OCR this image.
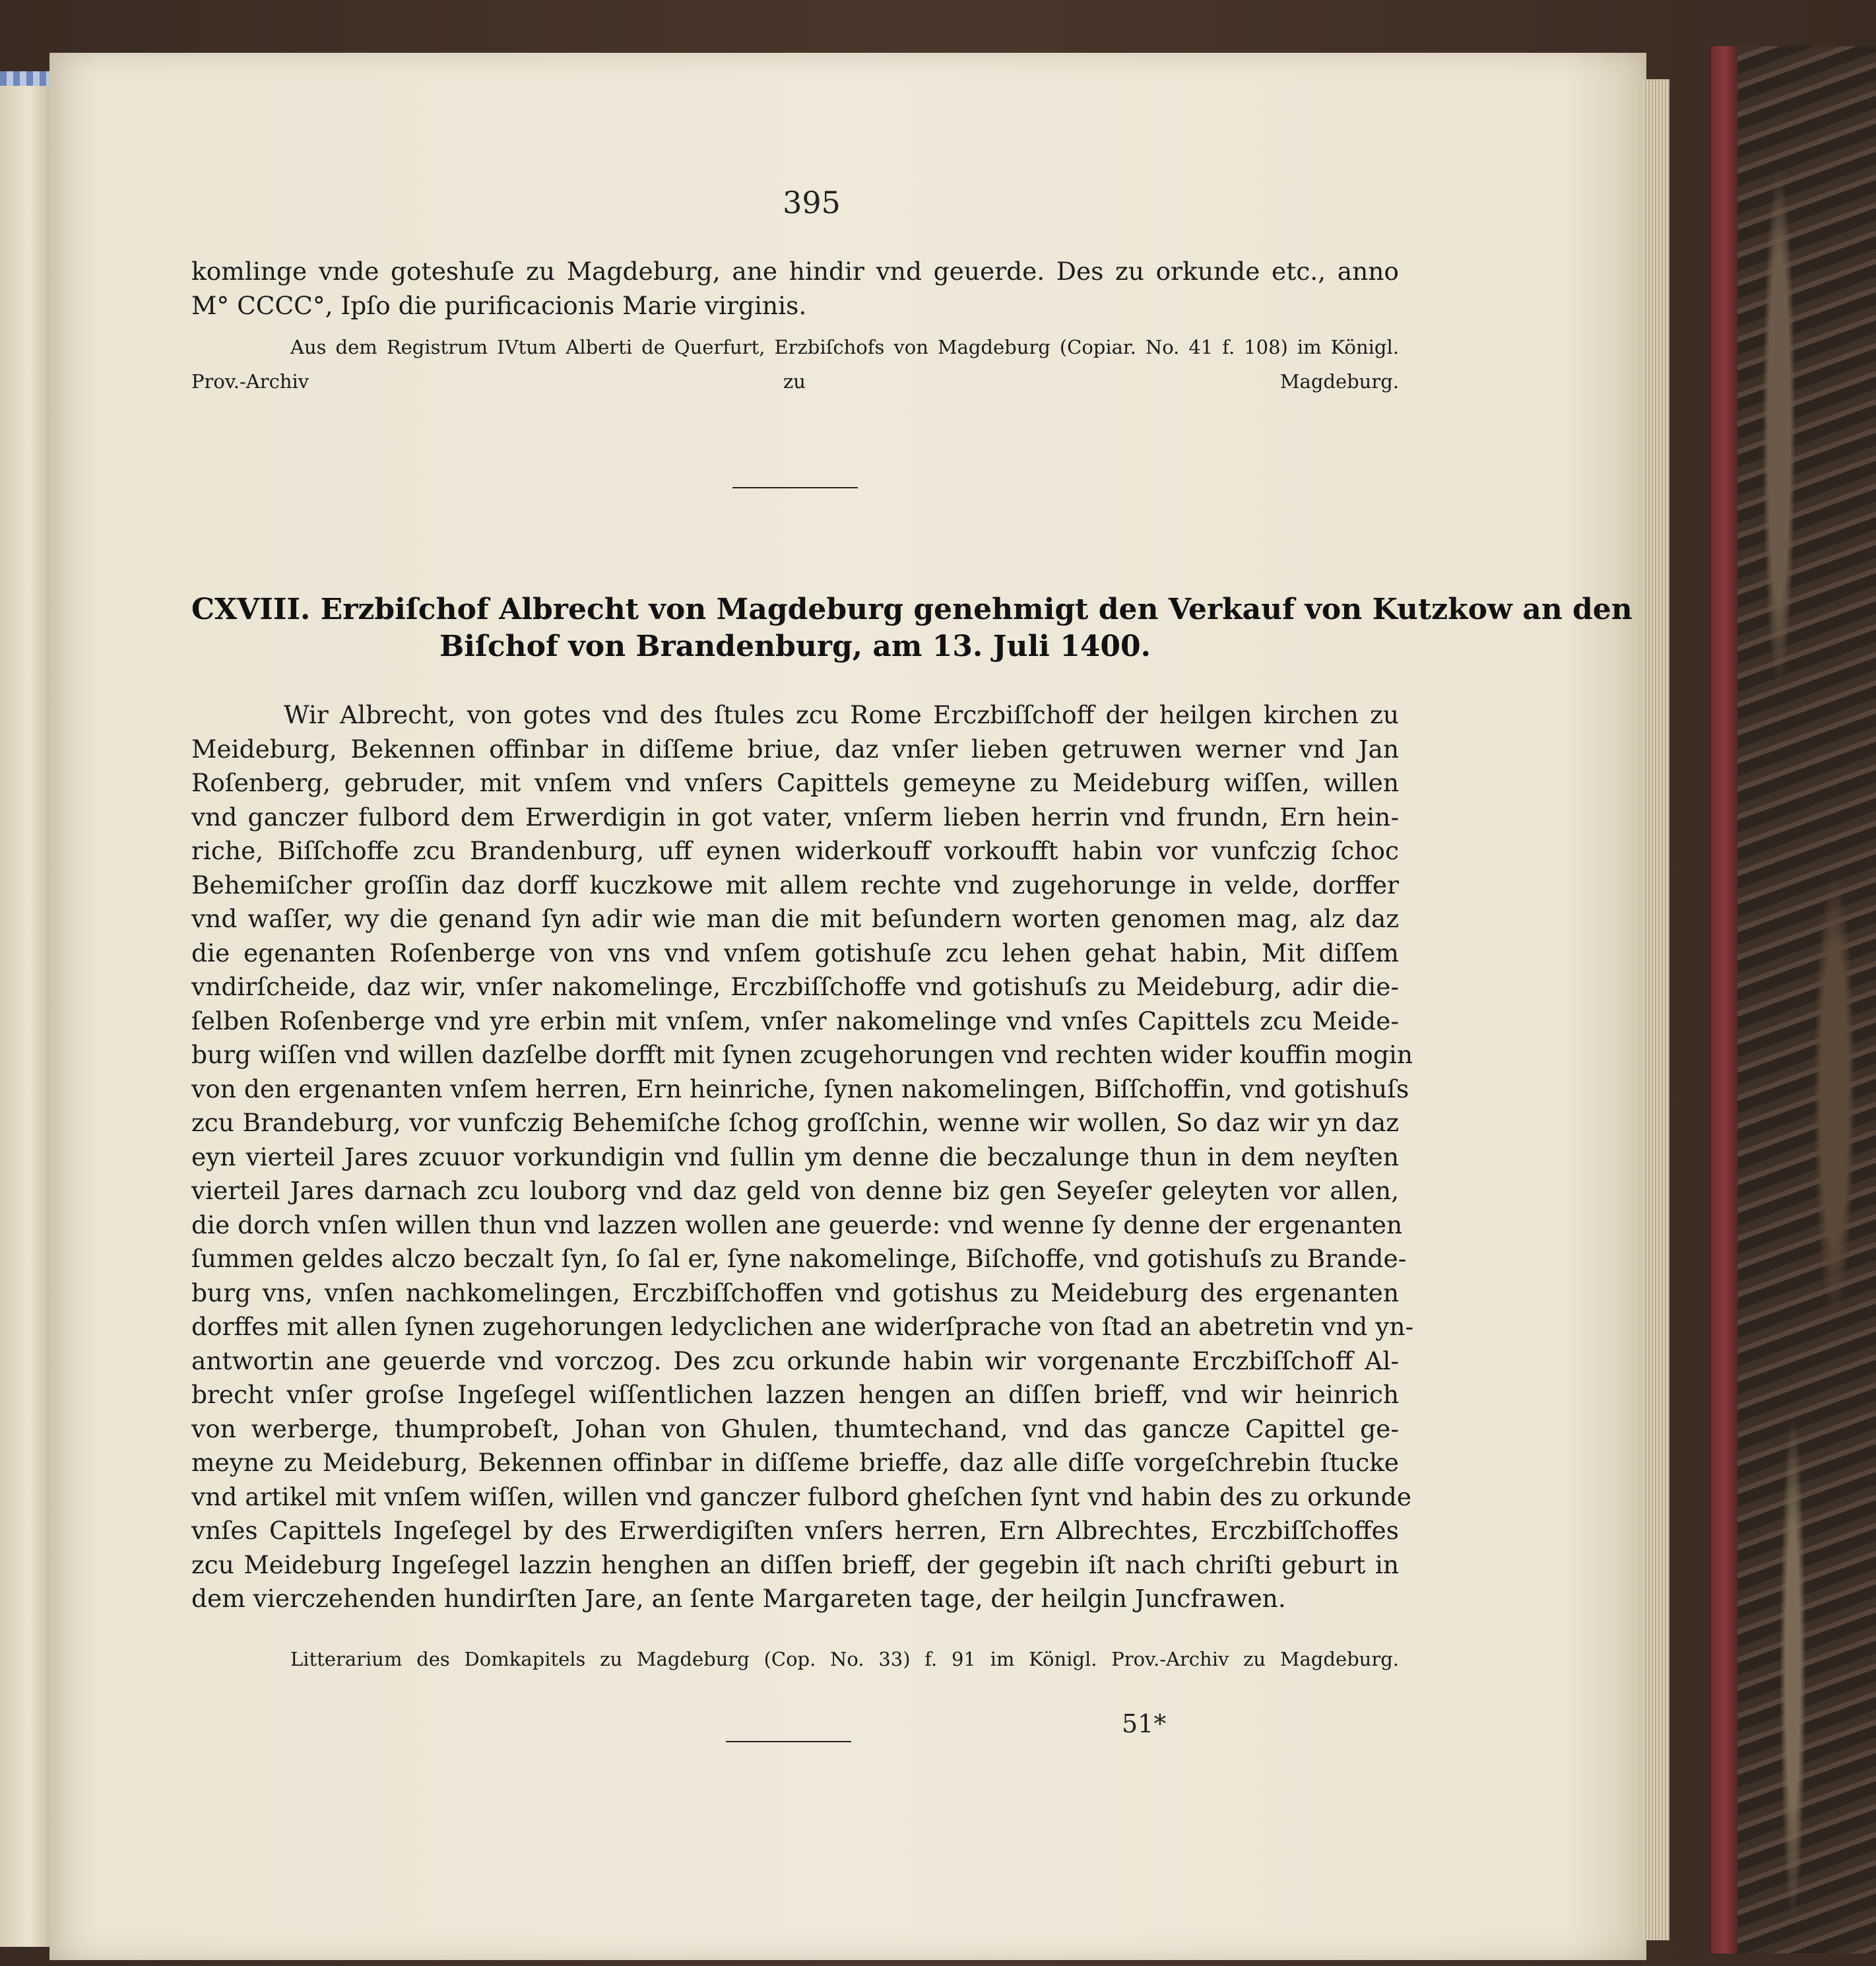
395
komlinge vnde goteshuſe zu Magdeburg, ane hindir vnd geuerde. Des zu orkunde etc., anno
M° CCCC°, Ipſo die purificacionis Marie virginis.
Aus dem Registrum IVtum Alberti de Querfurt, Erzbiſchofs von Magdeburg (Copiar. No. 41 f. 108) im Königl.
Prov.-Archiv zu Magdeburg.
CXVIII. Erzbiſchof Albrecht von Magdeburg genehmigt den Verkauf von Kutzkow an den
Biſchof von Brandenburg, am 13. Juli 1400.
Wir Albrecht, von gotes vnd des ſtules zcu Rome Erczbiſſchoff der heilgen kirchen zu
Meideburg, Bekennen offinbar in diſſeme briue, daz vnſer lieben getruwen werner vnd Jan
Roſenberg, gebruder, mit vnſem vnd vnſers Capittels gemeyne zu Meideburg wiſſen, willen
vnd ganczer fulbord dem Erwerdigin in got vater, vnſerm lieben herrin vnd frundn, Ern hein-
riche, Biſſchoffe zcu Brandenburg, uff eynen widerkouff vorkoufft habin vor vunfczig ſchoc
Behemiſcher groſſin daz dorff kuczkowe mit allem rechte vnd zugehorunge in velde, dorffer
vnd waſſer, wy die genand ſyn adir wie man die mit beſundern worten genomen mag, alz daz
die egenanten Roſenberge von vns vnd vnſem gotishuſe zcu lehen gehat habin, Mit diſſem
vndirſcheide, daz wir, vnſer nakomelinge, Erczbiſſchoffe vnd gotishuſs zu Meideburg, adir die-
ſelben Roſenberge vnd yre erbin mit vnſem, vnſer nakomelinge vnd vnſes Capittels zcu Meide-
burg wiſſen vnd willen dazſelbe dorfft mit ſynen zcugehorungen vnd rechten wider kouffin mogin
von den ergenanten vnſem herren, Ern heinriche, ſynen nakomelingen, Biſſchoffin, vnd gotishuſs
zcu Brandeburg, vor vunfczig Behemiſche ſchog groſſchin, wenne wir wollen, So daz wir yn daz
eyn vierteil Jares zcuuor vorkundigin vnd ſullin ym denne die beczalunge thun in dem neyſten
vierteil Jares darnach zcu louborg vnd daz geld von denne biz gen Seyeſer geleyten vor allen,
die dorch vnſen willen thun vnd lazzen wollen ane geuerde: vnd wenne ſy denne der ergenanten
ſummen geldes alczo beczalt ſyn, ſo ſal er, ſyne nakomelinge, Biſchoffe, vnd gotishuſs zu Brande-
burg vns, vnſen nachkomelingen, Erczbiſſchoffen vnd gotishus zu Meideburg des ergenanten
dorffes mit allen ſynen zugehorungen ledyclichen ane widerſprache von ſtad an abetretin vnd yn-
antwortin ane geuerde vnd vorczog. Des zcu orkunde habin wir vorgenante Erczbiſſchoff Al-
brecht vnſer groſse Ingeſegel wiſſentlichen lazzen hengen an diſſen brieff, vnd wir heinrich
von werberge, thumprobeſt, Johan von Ghulen, thumtechand, vnd das gancze Capittel ge-
meyne zu Meideburg, Bekennen offinbar in diſſeme brieffe, daz alle diſſe vorgeſchrebin ſtucke
vnd artikel mit vnſem wiſſen, willen vnd ganczer fulbord gheſchen ſynt vnd habin des zu orkunde
vnſes Capittels Ingeſegel by des Erwerdigiſten vnſers herren, Ern Albrechtes, Erczbiſſchoffes
zcu Meideburg Ingeſegel lazzin henghen an diſſen brieff, der gegebin iſt nach chriſti geburt in
dem vierczehenden hundirſten Jare, an ſente Margareten tage, der heilgin Juncfrawen.
Litterarium des Domkapitels zu Magdeburg (Cop. No. 33) f. 91 im Königl. Prov.-Archiv zu Magdeburg.
51*
